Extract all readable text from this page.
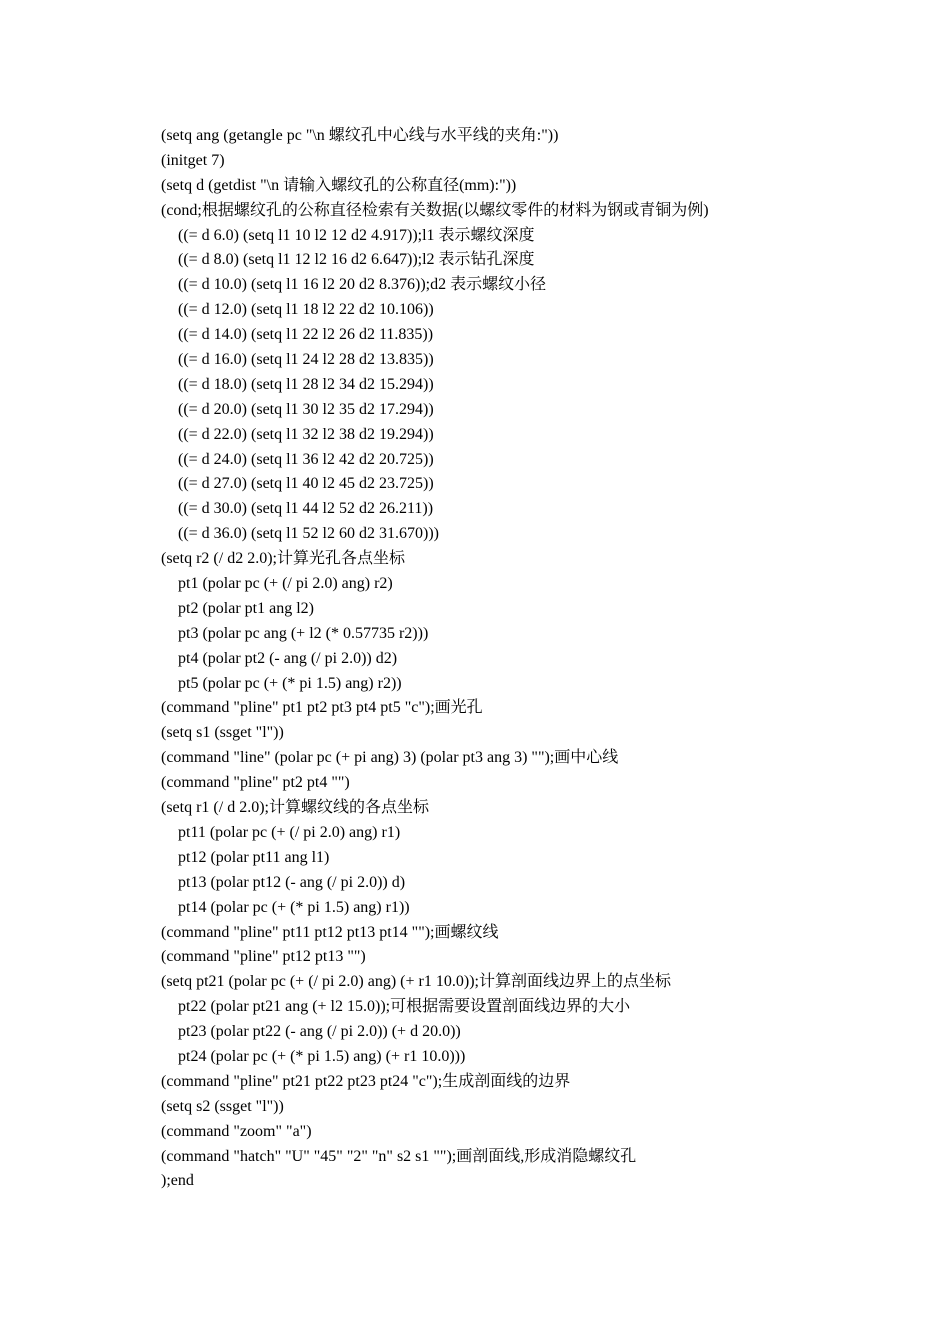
(setq ang (getangle pc "\n 螺纹孔中心线与水平线的夹角:"))
(initget 7)
(setq d (getdist "\n 请输入螺纹孔的公称直径(mm):"))
(cond;根据螺纹孔的公称直径检索有关数据(以螺纹零件的材料为钢或青铜为例)
((= d 6.0) (setq l1 10 l2 12 d2 4.917));l1 表示螺纹深度
((= d 8.0) (setq l1 12 l2 16 d2 6.647));l2 表示钻孔深度
((= d 10.0) (setq l1 16 l2 20 d2 8.376));d2 表示螺纹小径
((= d 12.0) (setq l1 18 l2 22 d2 10.106))
((= d 14.0) (setq l1 22 l2 26 d2 11.835))
((= d 16.0) (setq l1 24 l2 28 d2 13.835))
((= d 18.0) (setq l1 28 l2 34 d2 15.294))
((= d 20.0) (setq l1 30 l2 35 d2 17.294))
((= d 22.0) (setq l1 32 l2 38 d2 19.294))
((= d 24.0) (setq l1 36 l2 42 d2 20.725))
((= d 27.0) (setq l1 40 l2 45 d2 23.725))
((= d 30.0) (setq l1 44 l2 52 d2 26.211))
((= d 36.0) (setq l1 52 l2 60 d2 31.670)))
(setq r2 (/ d2 2.0);计算光孔各点坐标
pt1 (polar pc (+ (/ pi 2.0) ang) r2)
pt2 (polar pt1 ang l2)
pt3 (polar pc ang (+ l2 (* 0.57735 r2)))
pt4 (polar pt2 (- ang (/ pi 2.0)) d2)
pt5 (polar pc (+ (* pi 1.5) ang) r2))
(command "pline" pt1 pt2 pt3 pt4 pt5 "c");画光孔
(setq s1 (ssget "l"))
(command "line" (polar pc (+ pi ang) 3) (polar pt3 ang 3) "");画中心线
(command "pline" pt2 pt4 "")
(setq r1 (/ d 2.0);计算螺纹线的各点坐标
pt11 (polar pc (+ (/ pi 2.0) ang) r1)
pt12 (polar pt11 ang l1)
pt13 (polar pt12 (- ang (/ pi 2.0)) d)
pt14 (polar pc (+ (* pi 1.5) ang) r1))
(command "pline" pt11 pt12 pt13 pt14 "");画螺纹线
(command "pline" pt12 pt13 "")
(setq pt21 (polar pc (+ (/ pi 2.0) ang) (+ r1 10.0));计算剖面线边界上的点坐标
pt22 (polar pt21 ang (+ l2 15.0));可根据需要设置剖面线边界的大小
pt23 (polar pt22 (- ang (/ pi 2.0)) (+ d 20.0))
pt24 (polar pc (+ (* pi 1.5) ang) (+ r1 10.0)))
(command "pline" pt21 pt22 pt23 pt24 "c");生成剖面线的边界
(setq s2 (ssget "l"))
(command "zoom" "a")
(command "hatch" "U" "45" "2" "n" s2 s1 "");画剖面线,形成消隐螺纹孔
);end
